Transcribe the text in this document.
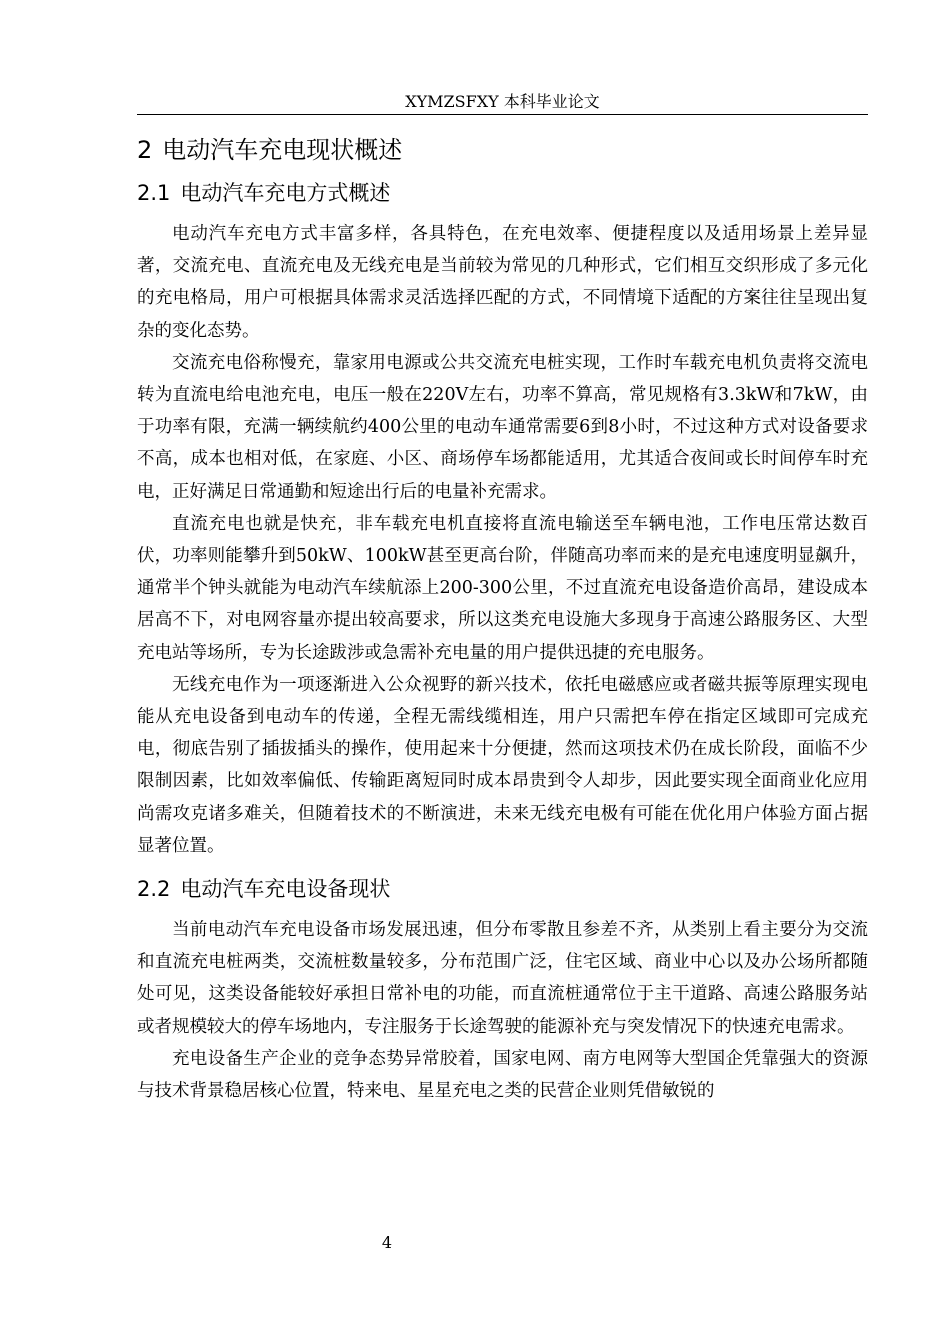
XYMZSFXY 本科毕业论文
2 电动汽车充电现状概述
2.1 电动汽车充电方式概述

电动汽车充电方式丰富多样，各具特色，在充电效率、便捷程度以及适用场景上差异显著，交流充电、直流充电及无线充电是当前较为常见的几种形式，它们相互交织形成了多元化的充电格局，用户可根据具体需求灵活选择匹配的方式，不同情境下适配的方案往往呈现出复杂的变化态势。

交流充电俗称慢充，靠家用电源或公共交流充电桩实现，工作时车载充电机负责将交流电转为直流电给电池充电，电压一般在220V左右，功率不算高，常见规格有3.3kW和7kW，由于功率有限，充满一辆续航约400公里的电动车通常需要6到8小时，不过这种方式对设备要求不高，成本也相对低，在家庭、小区、商场停车场都能适用，尤其适合夜间或长时间停车时充电，正好满足日常通勤和短途出行后的电量补充需求。

直流充电也就是快充，非车载充电机直接将直流电输送至车辆电池，工作电压常达数百伏，功率则能攀升到50kW、100kW甚至更高台阶，伴随高功率而来的是充电速度明显飙升，通常半个钟头就能为电动汽车续航添上200-300公里，不过直流充电设备造价高昂，建设成本居高不下，对电网容量亦提出较高要求，所以这类充电设施大多现身于高速公路服务区、大型充电站等场所，专为长途跋涉或急需补充电量的用户提供迅捷的充电服务。

无线充电作为一项逐渐进入公众视野的新兴技术，依托电磁感应或者磁共振等原理实现电能从充电设备到电动车的传递，全程无需线缆相连，用户只需把车停在指定区域即可完成充电，彻底告别了插拔插头的操作，使用起来十分便捷，然而这项技术仍在成长阶段，面临不少限制因素，比如效率偏低、传输距离短同时成本昂贵到令人却步，因此要实现全面商业化应用尚需攻克诸多难关，但随着技术的不断演进，未来无线充电极有可能在优化用户体验方面占据显著位置。

2.2 电动汽车充电设备现状

当前电动汽车充电设备市场发展迅速，但分布零散且参差不齐，从类别上看主要分为交流和直流充电桩两类，交流桩数量较多，分布范围广泛，住宅区域、商业中心以及办公场所都随处可见，这类设备能较好承担日常补电的功能，而直流桩通常位于主干道路、高速公路服务站或者规模较大的停车场地内，专注服务于长途驾驶的能源补充与突发情况下的快速充电需求。

充电设备生产企业的竞争态势异常胶着，国家电网、南方电网等大型国企凭靠强大的资源与技术背景稳居核心位置，特来电、星星充电之类的民营企业则凭借敏锐的

4
